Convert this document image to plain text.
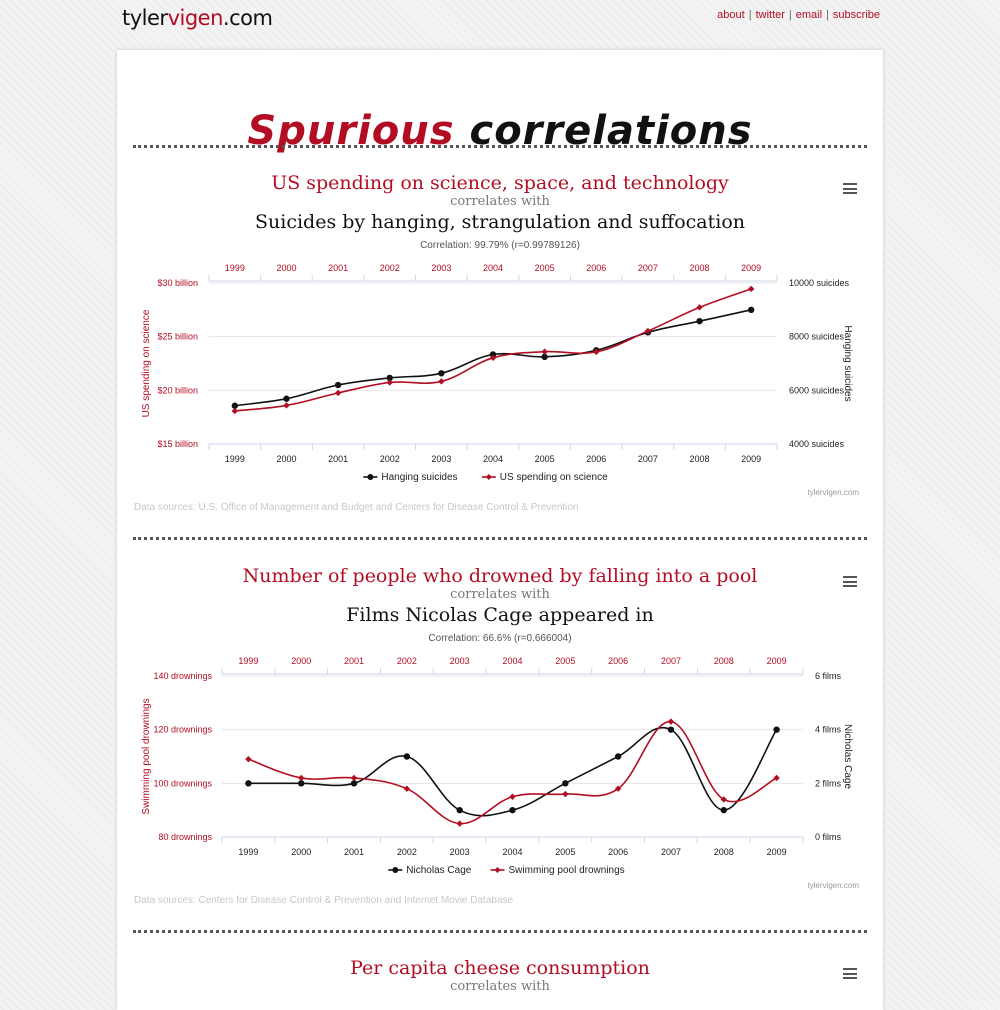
tylervigen.com	about | twitter | email | subscribe
Spurious correlations
US spending on science, space, and technology
correlates with
Suicides by hanging, strangulation and suffocation
Correlation: 99.79% (r=0.99789126)
$15 billion
$20 billion
$25 billion
$30 billion
4000 suicides
6000 suicides
8000 suicides
10000 suicides
US spending on science	Hanging suicides
1999
1999
2000
2000
2001
2001
2002
2002
2003
2003
2004
2004
2005
2005
2006
2006
2007
2007
2008
2008
2009
2009
Hanging suicides	US spending on science
tylervigen.com
Data sources: U.S. Office of Management and Budget and Centers for Disease Control & Prevention
Number of people who drowned by falling into a pool
correlates with
Films Nicolas Cage appeared in
Correlation: 66.6% (r=0.666004)
80 drownings
100 drownings
120 drownings
140 drownings
0 films
2 films
4 films
6 films
Swimming pool drownings	Nicholas Cage
1999
1999
2000
2000
2001
2001
2002
2002
2003
2003
2004
2004
2005
2005
2006
2006
2007
2007
2008
2008
2009
2009
Nicholas Cage	Swimming pool drownings
tylervigen.com
Data sources: Centers for Disease Control & Prevention and Internet Movie Database
Per capita cheese consumption
correlates with
